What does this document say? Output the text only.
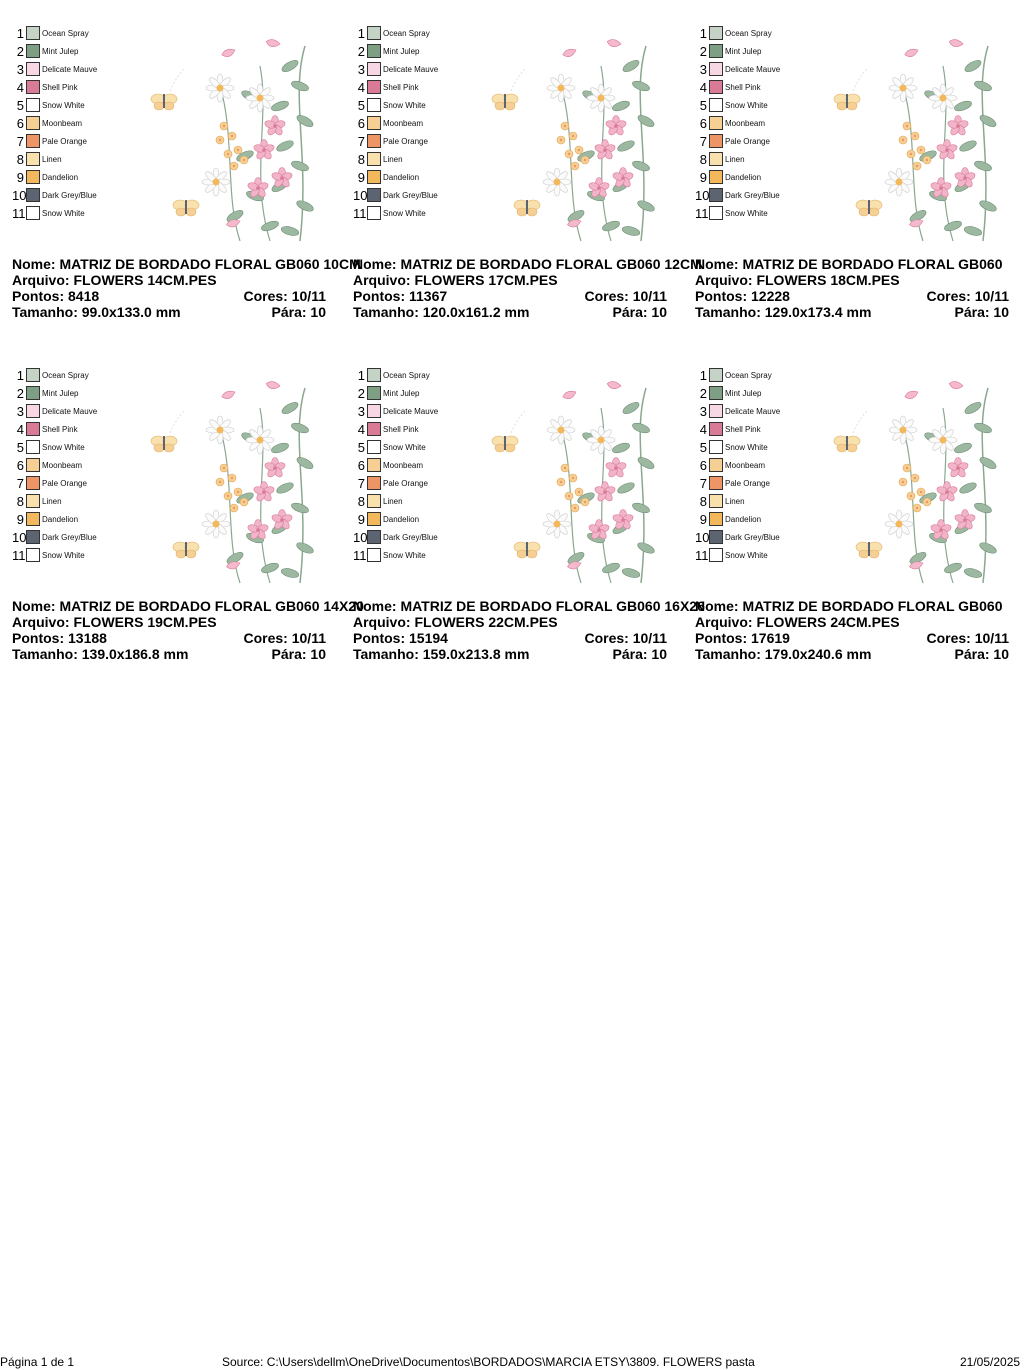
1 Ocean Spray
2 Mint Julep
3 Delicate Mauve
4 Shell Pink
5 Snow White
6 Moonbeam
7 Pale Orange
8 Linen
9 Dandelion
10 Dark Grey/Blue
11 Snow White
Nome: MATRIZ DE BORDADO FLORAL GB060 10CM
Arquivo: FLOWERS 14CM.PES
Pontos: 8418	Cores: 10/11
Tamanho: 99.0x133.0 mm	Pára: 10
1 Ocean Spray
2 Mint Julep
3 Delicate Mauve
4 Shell Pink
5 Snow White
6 Moonbeam
7 Pale Orange
8 Linen
9 Dandelion
10 Dark Grey/Blue
11 Snow White
Nome: MATRIZ DE BORDADO FLORAL GB060 12CM
Arquivo: FLOWERS 17CM.PES
Pontos: 11367	Cores: 10/11
Tamanho: 120.0x161.2 mm	Pára: 10
1 Ocean Spray
2 Mint Julep
3 Delicate Mauve
4 Shell Pink
5 Snow White
6 Moonbeam
7 Pale Orange
8 Linen
9 Dandelion
10 Dark Grey/Blue
11 Snow White
Nome: MATRIZ DE BORDADO FLORAL GB060
Arquivo: FLOWERS 18CM.PES
Pontos: 12228	Cores: 10/11
Tamanho: 129.0x173.4 mm	Pára: 10
1 Ocean Spray
2 Mint Julep
3 Delicate Mauve
4 Shell Pink
5 Snow White
6 Moonbeam
7 Pale Orange
8 Linen
9 Dandelion
10 Dark Grey/Blue
11 Snow White
Nome: MATRIZ DE BORDADO FLORAL GB060 14X20
Arquivo: FLOWERS 19CM.PES
Pontos: 13188	Cores: 10/11
Tamanho: 139.0x186.8 mm	Pára: 10
1 Ocean Spray
2 Mint Julep
3 Delicate Mauve
4 Shell Pink
5 Snow White
6 Moonbeam
7 Pale Orange
8 Linen
9 Dandelion
10 Dark Grey/Blue
11 Snow White
Nome: MATRIZ DE BORDADO FLORAL GB060 16X26
Arquivo: FLOWERS 22CM.PES
Pontos: 15194	Cores: 10/11
Tamanho: 159.0x213.8 mm	Pára: 10
1 Ocean Spray
2 Mint Julep
3 Delicate Mauve
4 Shell Pink
5 Snow White
6 Moonbeam
7 Pale Orange
8 Linen
9 Dandelion
10 Dark Grey/Blue
11 Snow White
Nome: MATRIZ DE BORDADO FLORAL GB060
Arquivo: FLOWERS 24CM.PES
Pontos: 17619	Cores: 10/11
Tamanho: 179.0x240.6 mm	Pára: 10
Página 1 de 1	Source: C:\Users\dellm\OneDrive\Documentos\BORDADOS\MARCIA ETSY\3809. FLOWERS pasta	21/05/2025
